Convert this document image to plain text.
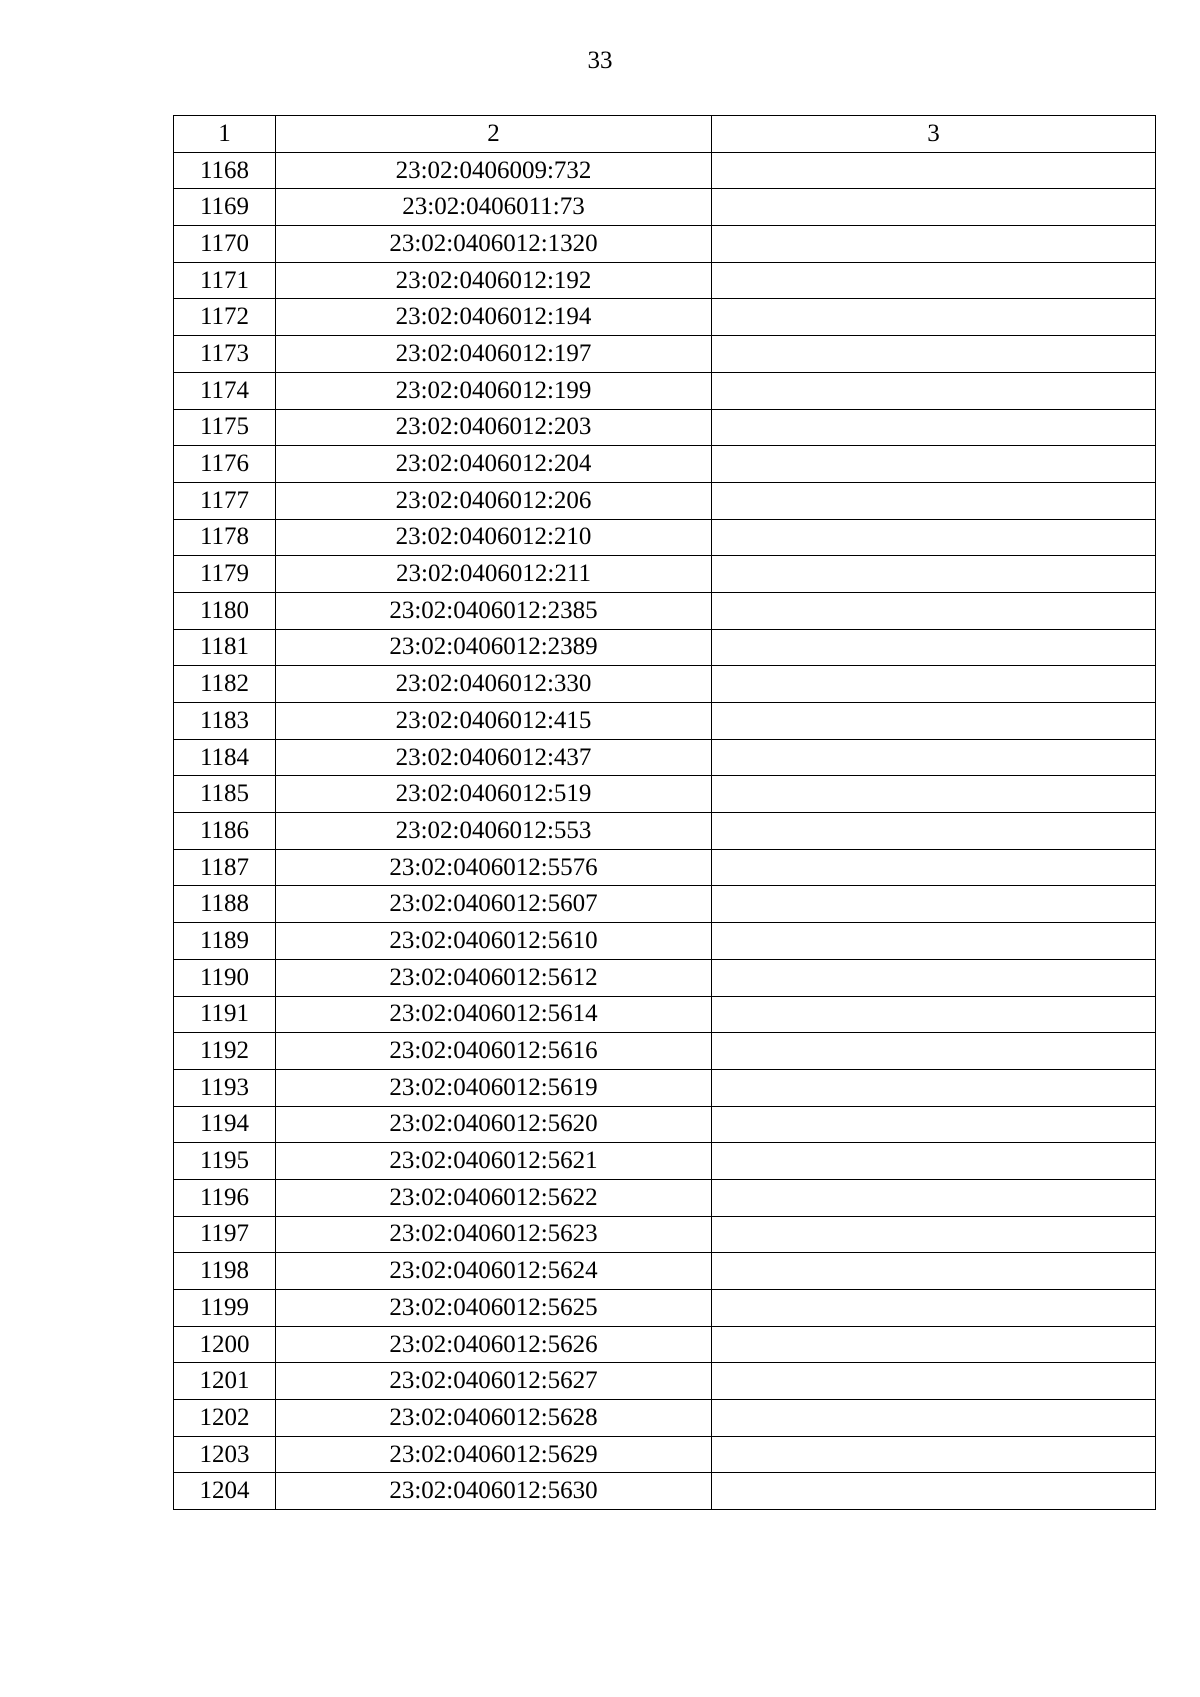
33
1	2	3
1168	23:02:0406009:732	
1169	23:02:0406011:73	
1170	23:02:0406012:1320	
1171	23:02:0406012:192	
1172	23:02:0406012:194	
1173	23:02:0406012:197	
1174	23:02:0406012:199	
1175	23:02:0406012:203	
1176	23:02:0406012:204	
1177	23:02:0406012:206	
1178	23:02:0406012:210	
1179	23:02:0406012:211	
1180	23:02:0406012:2385	
1181	23:02:0406012:2389	
1182	23:02:0406012:330	
1183	23:02:0406012:415	
1184	23:02:0406012:437	
1185	23:02:0406012:519	
1186	23:02:0406012:553	
1187	23:02:0406012:5576	
1188	23:02:0406012:5607	
1189	23:02:0406012:5610	
1190	23:02:0406012:5612	
1191	23:02:0406012:5614	
1192	23:02:0406012:5616	
1193	23:02:0406012:5619	
1194	23:02:0406012:5620	
1195	23:02:0406012:5621	
1196	23:02:0406012:5622	
1197	23:02:0406012:5623	
1198	23:02:0406012:5624	
1199	23:02:0406012:5625	
1200	23:02:0406012:5626	
1201	23:02:0406012:5627	
1202	23:02:0406012:5628	
1203	23:02:0406012:5629	
1204	23:02:0406012:5630	
